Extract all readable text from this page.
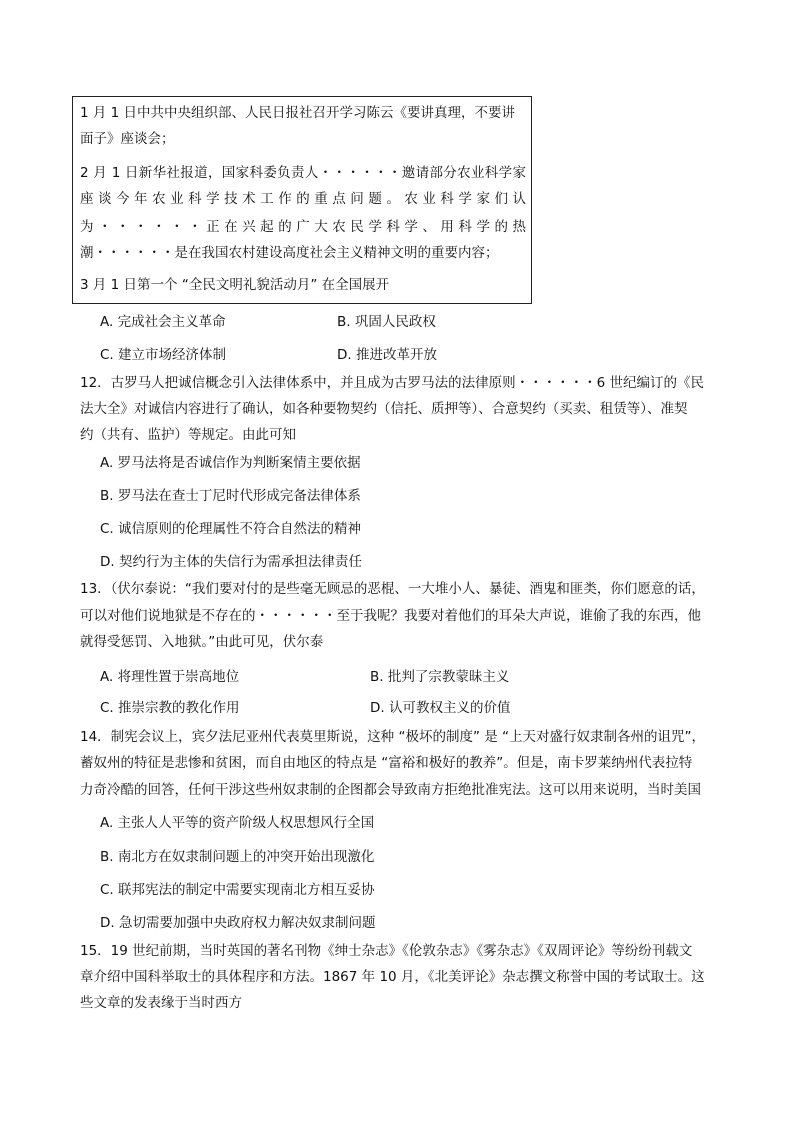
1 月 1 日中共中央组织部、人民日报社召开学习陈云《要讲真理，不要讲
面子》座谈会；
2 月 1 日新华社报道，国家科委负责人・・・・・・邀请部分农业科学家
座谈今年农业科学技术工作的重点问题。农业科学家们认
为・・・・・・正在兴起的广大农民学科学、用科学的热
潮・・・・・・是在我国农村建设高度社会主义精神文明的重要内容；
3 月 1 日第一个 “全民文明礼貌活动月” 在全国展开
A. 完成社会主义革命	B. 巩固人民政权
C. 建立市场经济体制	D. 推进改革开放
12．古罗马人把诚信概念引入法律体系中，并且成为古罗马法的法律原则・・・・・・6 世纪编订的《民
法大全》对诚信内容进行了确认，如各种要物契约（信托、质押等）、合意契约（买卖、租赁等）、准契
约（共有、监护）等规定。由此可知
A. 罗马法将是否诚信作为判断案情主要依据
B. 罗马法在查士丁尼时代形成完备法律体系
C. 诚信原则的伦理属性不符合自然法的精神
D. 契约行为主体的失信行为需承担法律责任
13．（伏尔泰说：“我们要对付的是些毫无顾忌的恶棍、一大堆小人、暴徒、酒鬼和匪类，你们愿意的话，
可以对他们说地狱是不存在的・・・・・・至于我呢？我要对着他们的耳朵大声说，谁偷了我的东西，他
就得受惩罚、入地狱。”由此可见，伏尔泰
A. 将理性置于崇高地位	B. 批判了宗教蒙昧主义
C. 推崇宗教的教化作用	D. 认可教权主义的价值
14．制宪会议上，宾夕法尼亚州代表莫里斯说，这种 “极坏的制度” 是 “上天对盛行奴隶制各州的诅咒”，
蓄奴州的特征是悲惨和贫困，而自由地区的特点是 “富裕和极好的教养”。但是，南卡罗莱纳州代表拉特
力奇冷酷的回答，任何干涉这些州奴隶制的企图都会导致南方拒绝批准宪法。这可以用来说明，当时美国
A. 主张人人平等的资产阶级人权思想风行全国
B. 南北方在奴隶制问题上的冲突开始出现激化
C. 联邦宪法的制定中需要实现南北方相互妥协
D. 急切需要加强中央政府权力解决奴隶制问题
15．19 世纪前期，当时英国的著名刊物《绅士杂志》《伦敦杂志》《雾杂志》《双周评论》等纷纷刊载文
章介绍中国科举取士的具体程序和方法。1867 年 10 月，《北美评论》杂志撰文称誉中国的考试取士。这
些文章的发表缘于当时西方
